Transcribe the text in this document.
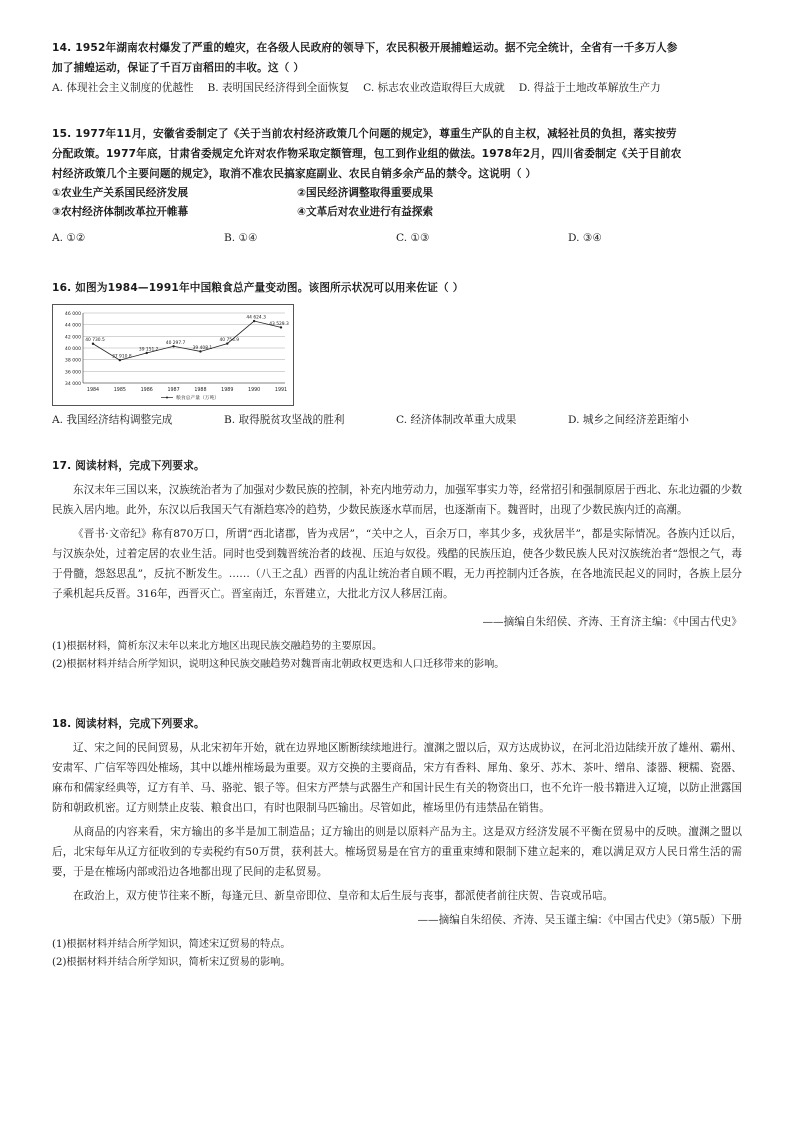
14. 1952年湖南农村爆发了严重的蝗灾，在各级人民政府的领导下，农民积极开展捕蝗运动。据不完全统计，全省有一千多万人参
加了捕蝗运动，保证了千百万亩稻田的丰收。这（ ）
A. 体现社会主义制度的优越性 B. 表明国民经济得到全面恢复 C. 标志农业改造取得巨大成就 D. 得益于土地改革解放生产力
15. 1977年11月，安徽省委制定了《关于当前农村经济政策几个问题的规定》，尊重生产队的自主权，减轻社员的负担，落实按劳
分配政策。1977年底，甘肃省委规定允许对农作物采取定额管理，包工到作业组的做法。1978年2月，四川省委制定《关于目前农
村经济政策几个主要问题的规定》，取消不准农民搞家庭副业、农民自销多余产品的禁令。这说明（ ）
①农业生产关系国民经济发展	②国民经济调整取得重要成果
③农村经济体制改革拉开帷幕	④文革后对农业进行有益探索
A. ①②	B. ①④	C. ①③	D. ③④
16. 如图为1984—1991年中国粮食总产量变动图。该图所示状况可以用来佐证（ ）
46 000
44 000
42 000
40 000
38 000
36 000
34 000
1984	1985	1986	1987	1988	1989	1990	1991
40 730.5
37 910.8
39 151.2
40 297.7
39 408.1
40 754.9
44 624.3
43 529.3
粮食总产量（万吨）
A. 我国经济结构调整完成	B. 取得脱贫攻坚战的胜利	C. 经济体制改革重大成果	D. 城乡之间经济差距缩小
17. 阅读材料，完成下列要求。

东汉末年三国以来，汉族统治者为了加强对少数民族的控制，补充内地劳动力，加强军事实力等，经常招引和强制原居于西北、东北边疆的少数民族入居内地。此外，东汉以后我国天气有渐趋寒冷的趋势，少数民族逐水草而居，也逐渐南下。魏晋时，出现了少数民族内迁的高潮。

《晋书·文帝纪》称有870万口，所谓“西北诸郡，皆为戎居”，“关中之人，百余万口，率其少多，戎狄居半”，都是实际情况。各族内迁以后，与汉族杂处，过着定居的农业生活。同时也受到魏晋统治者的歧视、压迫与奴役。残酷的民族压迫，使各少数民族人民对汉族统治者“怨恨之气，毒于骨髓，怨怒思乱”，反抗不断发生。……（八王之乱）西晋的内乱让统治者自顾不暇，无力再控制内迁各族，在各地流民起义的同时，各族上层分子乘机起兵反晋。316年，西晋灭亡。晋室南迁，东晋建立，大批北方汉人移居江南。

——摘编自朱绍侯、齐涛、王育济主编：《中国古代史》
(1)根据材料，简析东汉末年以来北方地区出现民族交融趋势的主要原因。
(2)根据材料并结合所学知识，说明这种民族交融趋势对魏晋南北朝政权更迭和人口迁移带来的影响。
18. 阅读材料，完成下列要求。

辽、宋之间的民间贸易，从北宋初年开始，就在边界地区断断续续地进行。澶渊之盟以后，双方达成协议，在河北沿边陆续开放了雄州、霸州、安肃军、广信军等四处榷场，其中以雄州榷场最为重要。双方交换的主要商品，宋方有香料、犀角、象牙、苏木、茶叶、缯帛、漆器、粳糯、瓷器、麻布和儒家经典等，辽方有羊、马、骆驼、银子等。但宋方严禁与武器生产和国计民生有关的物资出口，也不允许一般书籍进入辽境，以防止泄露国防和朝政机密。辽方则禁止皮装、粮食出口，有时也限制马匹输出。尽管如此，榷场里仍有违禁品在销售。

从商品的内容来看，宋方输出的多半是加工制造品；辽方输出的则是以原料产品为主。这是双方经济发展不平衡在贸易中的反映。澶渊之盟以后，北宋每年从辽方征收到的专卖税约有50万贯，获利甚大。榷场贸易是在官方的重重束缚和限制下建立起来的，难以满足双方人民日常生活的需要，于是在榷场内部或沿边各地都出现了民间的走私贸易。

在政治上，双方使节往来不断，每逢元旦、新皇帝即位、皇帝和太后生辰与丧事，都派使者前往庆贺、告哀或吊唁。

——摘编自朱绍侯、齐涛、吴玉谨主编：《中国古代史》（第5版）下册
(1)根据材料并结合所学知识，简述宋辽贸易的特点。
(2)根据材料并结合所学知识，简析宋辽贸易的影响。
